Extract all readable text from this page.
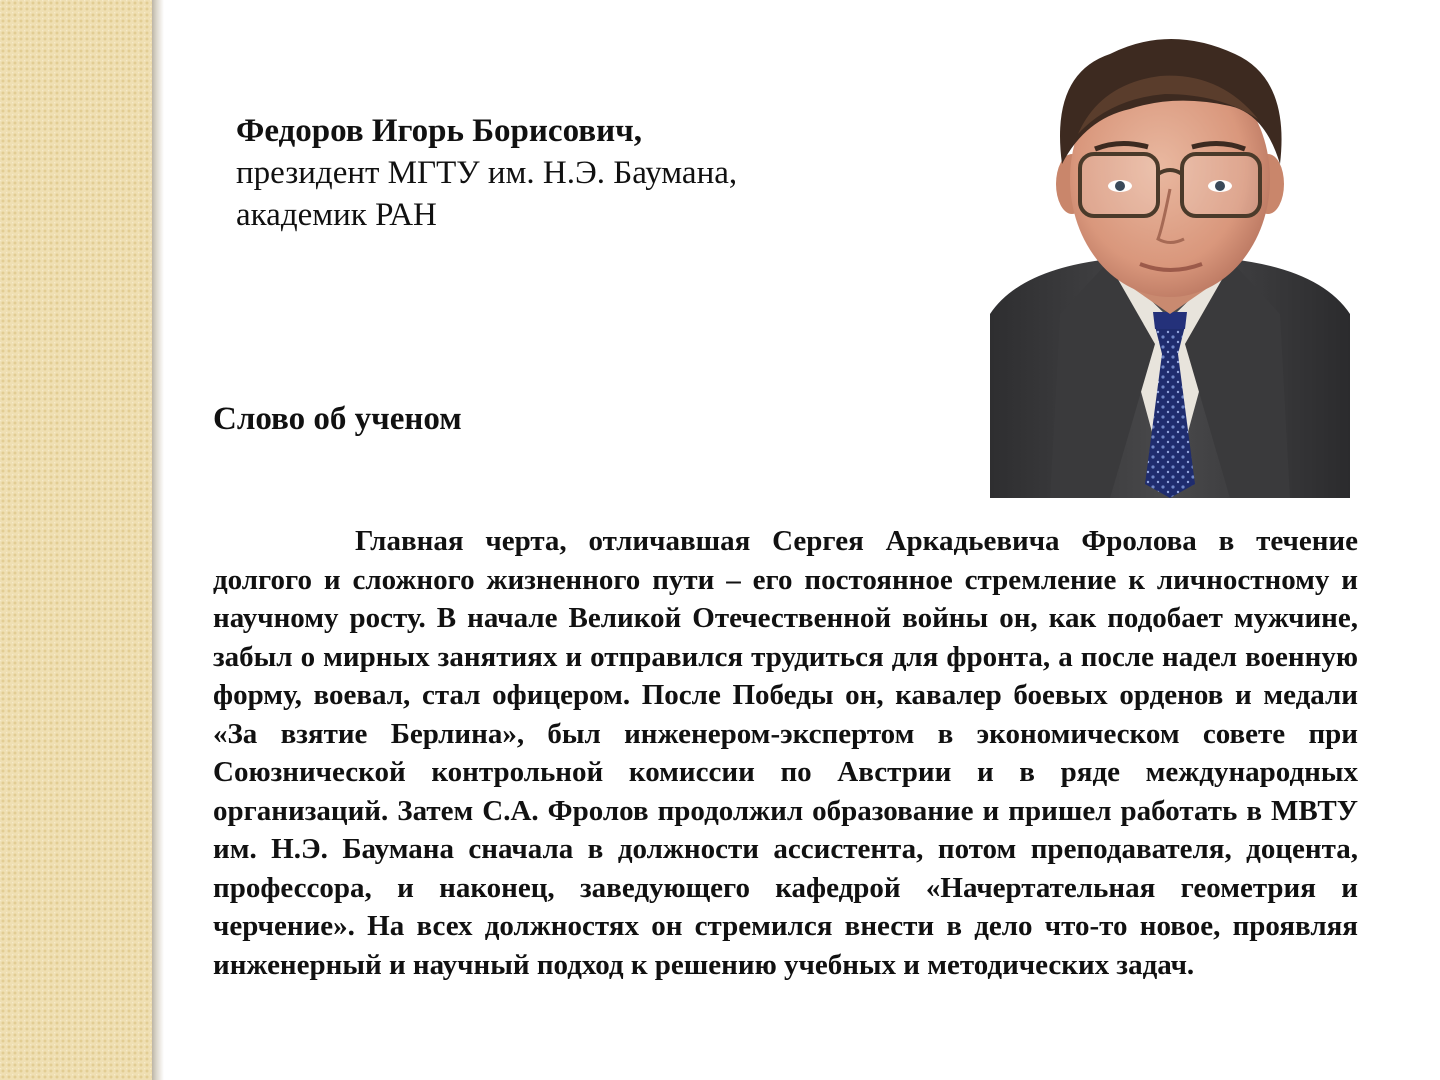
Федоров Игорь Борисович,
президент МГТУ им. Н.Э. Баумана,
академик РАН
Слово об ученом

Главная черта, отличавшая Сергея Аркадьевича Фролова в течение долгого и сложного жизненного пути – его постоянное стремление к личностному и научному росту. В начале Великой Отечественной войны он, как подобает мужчине, забыл о мирных занятиях и отправился трудиться для фронта, а после надел военную форму, воевал, стал офицером. После Победы он, кавалер боевых орденов и медали «За взятие Берлина», был инженером-экспертом в экономическом совете при Союзнической контрольной комиссии по Австрии и в ряде международных организаций. Затем С.А. Фролов продолжил образование и пришел работать в МВТУ им. Н.Э. Баумана сначала в должности ассистента, потом преподавателя, доцента, профессора, и наконец, заведующего кафедрой «Начертательная геометрия и черчение». На всех должностях он стремился внести в дело что-то новое, проявляя инженерный и научный подход к решению учебных и методических задач.
